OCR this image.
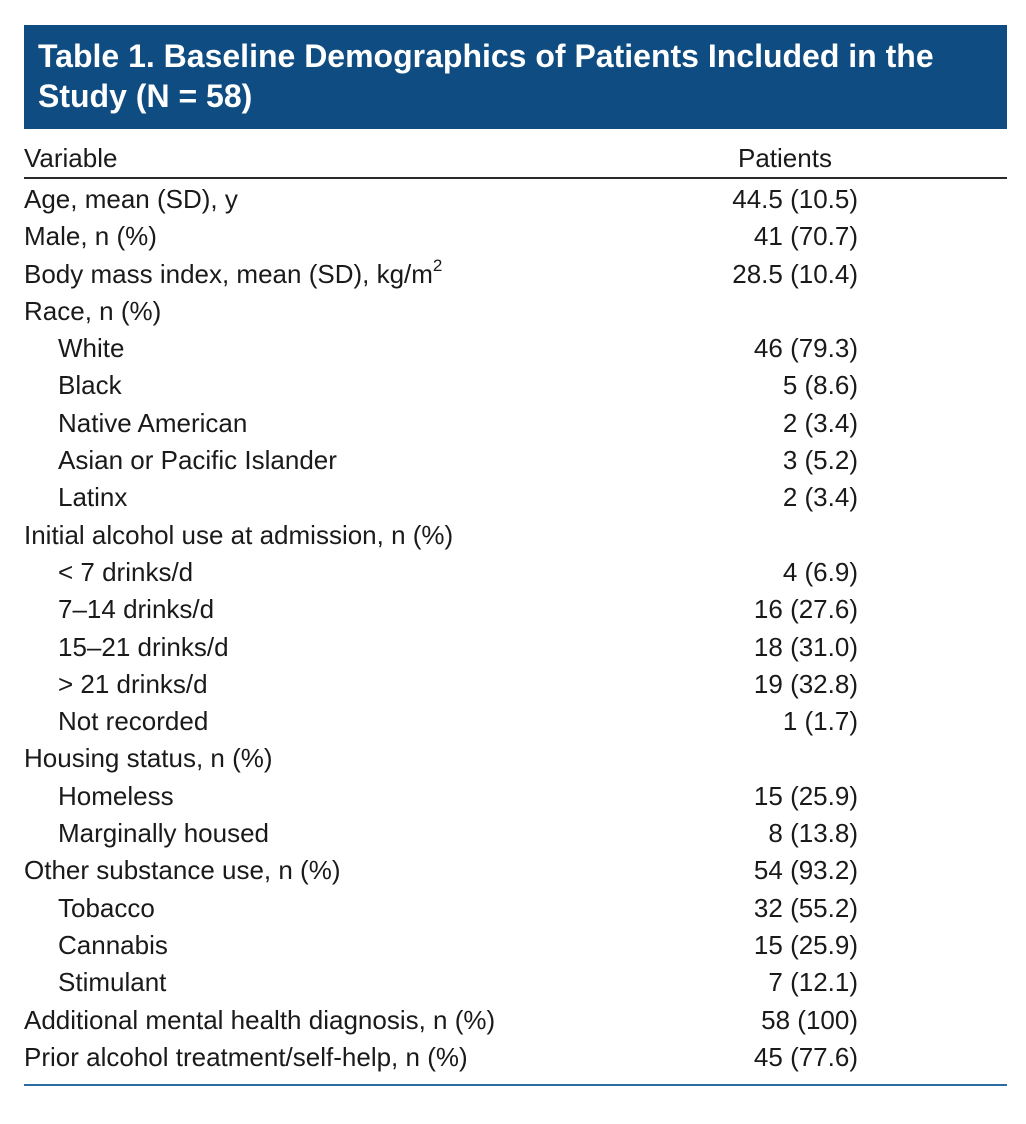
Table 1. Baseline Demographics of Patients Included in the
Study (N = 58)
Variable	Patients
Age, mean (SD), y	44.5 (10.5)
Male, n (%)	41 (70.7)
Body mass index, mean (SD), $kg/m^2$	28.5 (10.4)
Race, n (%)
White	46 (79.3)
Black	5 (8.6)
Native American	2 (3.4)
Asian or Pacific Islander	3 (5.2)
Latinx	2 (3.4)
Initial alcohol use at admission, n (%)
< 7 drinks/d	4 (6.9)
7–14 drinks/d	16 (27.6)
15–21 drinks/d	18 (31.0)
> 21 drinks/d	19 (32.8)
Not recorded	1 (1.7)
Housing status, n (%)
Homeless	15 (25.9)
Marginally housed	8 (13.8)
Other substance use, n (%)	54 (93.2)
Tobacco	32 (55.2)
Cannabis	15 (25.9)
Stimulant	7 (12.1)
Additional mental health diagnosis, n (%)	58 (100)
Prior alcohol treatment/self-help, n (%)	45 (77.6)
